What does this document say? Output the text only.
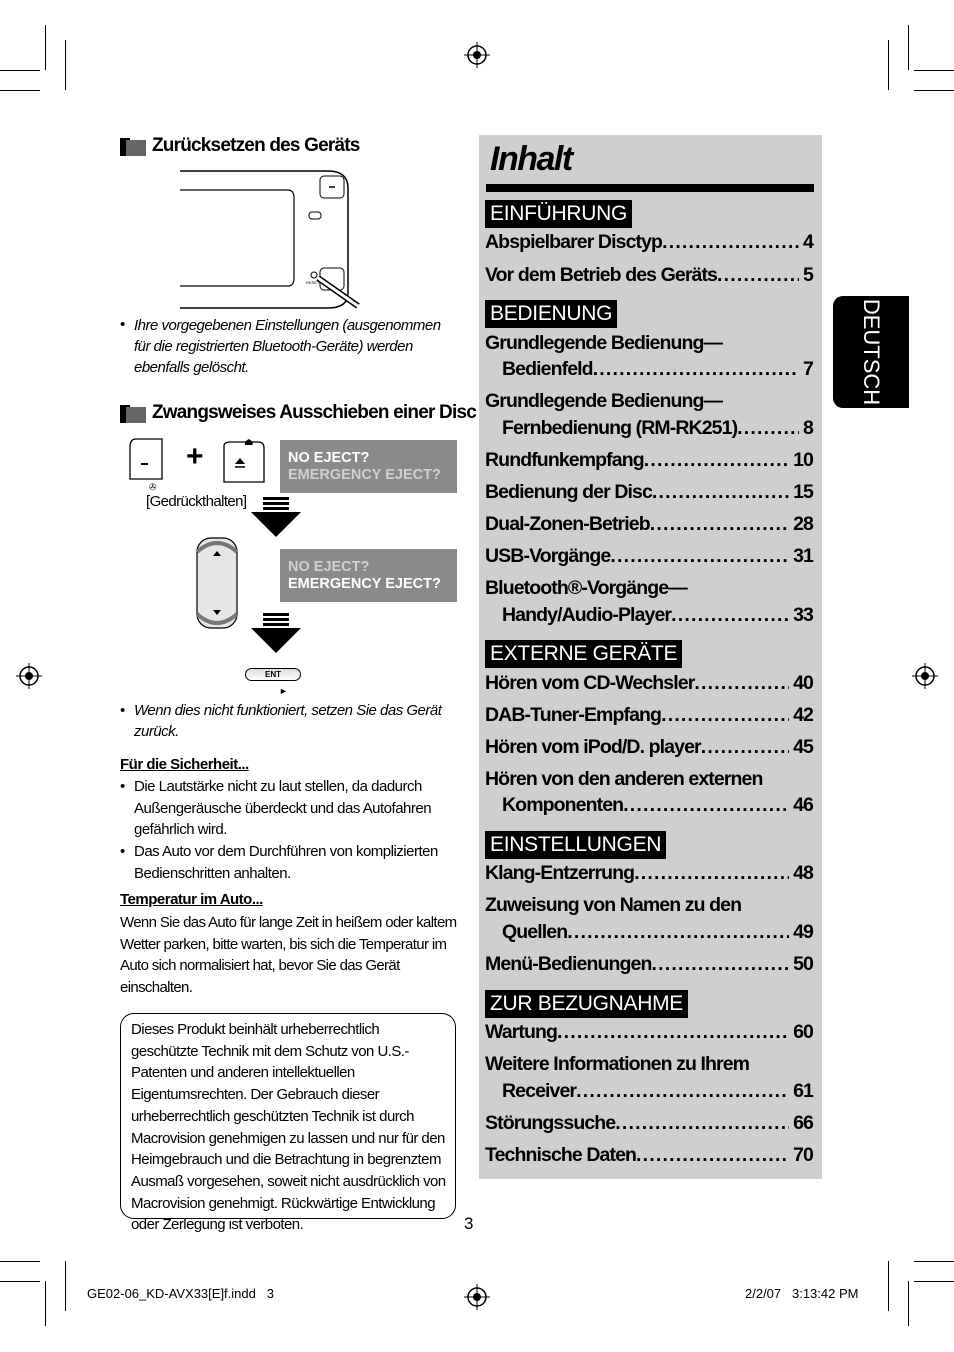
Zurücksetzen des Geräts
RESET
• Ihre vorgegebenen Einstellungen (ausgenommen für die registrierten Bluetooth-Geräte) werden ebenfalls gelöscht.
Zwangsweises Ausschieben einer Disc
+	⏏
✇
[Gedrückthalten]
NO EJECT?
EMERGENCY EJECT?
NO EJECT?
EMERGENCY EJECT?
ENT
►
• Wenn dies nicht funktioniert, setzen Sie das Gerät zurück.
Für die Sicherheit...
• Die Lautstärke nicht zu laut stellen, da dadurch Außengeräusche überdeckt und das Autofahren gefährlich wird.
• Das Auto vor dem Durchführen von komplizierten Bedienschritten anhalten.
Temperatur im Auto...
Wenn Sie das Auto für lange Zeit in heißem oder kaltem Wetter parken, bitte warten, bis sich die Temperatur im Auto sich normalisiert hat, bevor Sie das Gerät einschalten.
Dieses Produkt beinhält urheberrechtlich geschützte Technik mit dem Schutz von U.S.-Patenten und anderen intellektuellen Eigentumsrechten. Der Gebrauch dieser urheberrechtlich geschützten Technik ist durch Macrovision genehmigen zu lassen und nur für den Heimgebrauch und die Betrachtung in begrenztem Ausmaß vorgesehen, soweit nicht ausdrücklich von Macrovision genehmigt. Rückwärtige Entwicklung oder Zerlegung ist verboten.
Inhalt
EINFÜHRUNG
Abspielbarer Disctyp .....	4
Vor dem Betrieb des Geräts .....	5
BEDIENUNG
Grundlegende Bedienung—
Bedienfeld .....	7
Grundlegende Bedienung—
Fernbedienung (RM-RK251) .....	8
Rundfunkempfang .....	10
Bedienung der Disc .....	15
Dual-Zonen-Betrieb .....	28
USB-Vorgänge .....	31
Bluetooth®-Vorgänge—
Handy/Audio-Player .....	33
EXTERNE GERÄTE
Hören vom CD-Wechsler .....	40
DAB-Tuner-Empfang .....	42
Hören vom iPod/D. player .....	45
Hören von den anderen externen
Komponenten .....	46
EINSTELLUNGEN
Klang-Entzerrung .....	48
Zuweisung von Namen zu den
Quellen .....	49
Menü-Bedienungen .....	50
ZUR BEZUGNAHME
Wartung .....	60
Weitere Informationen zu Ihrem
Receiver .....	61
Störungssuche .....	66
Technische Daten .....	70
DEUTSCH
3
GE02-06_KD-AVX33[E]f.indd   3	2/2/07   3:13:42 PM
